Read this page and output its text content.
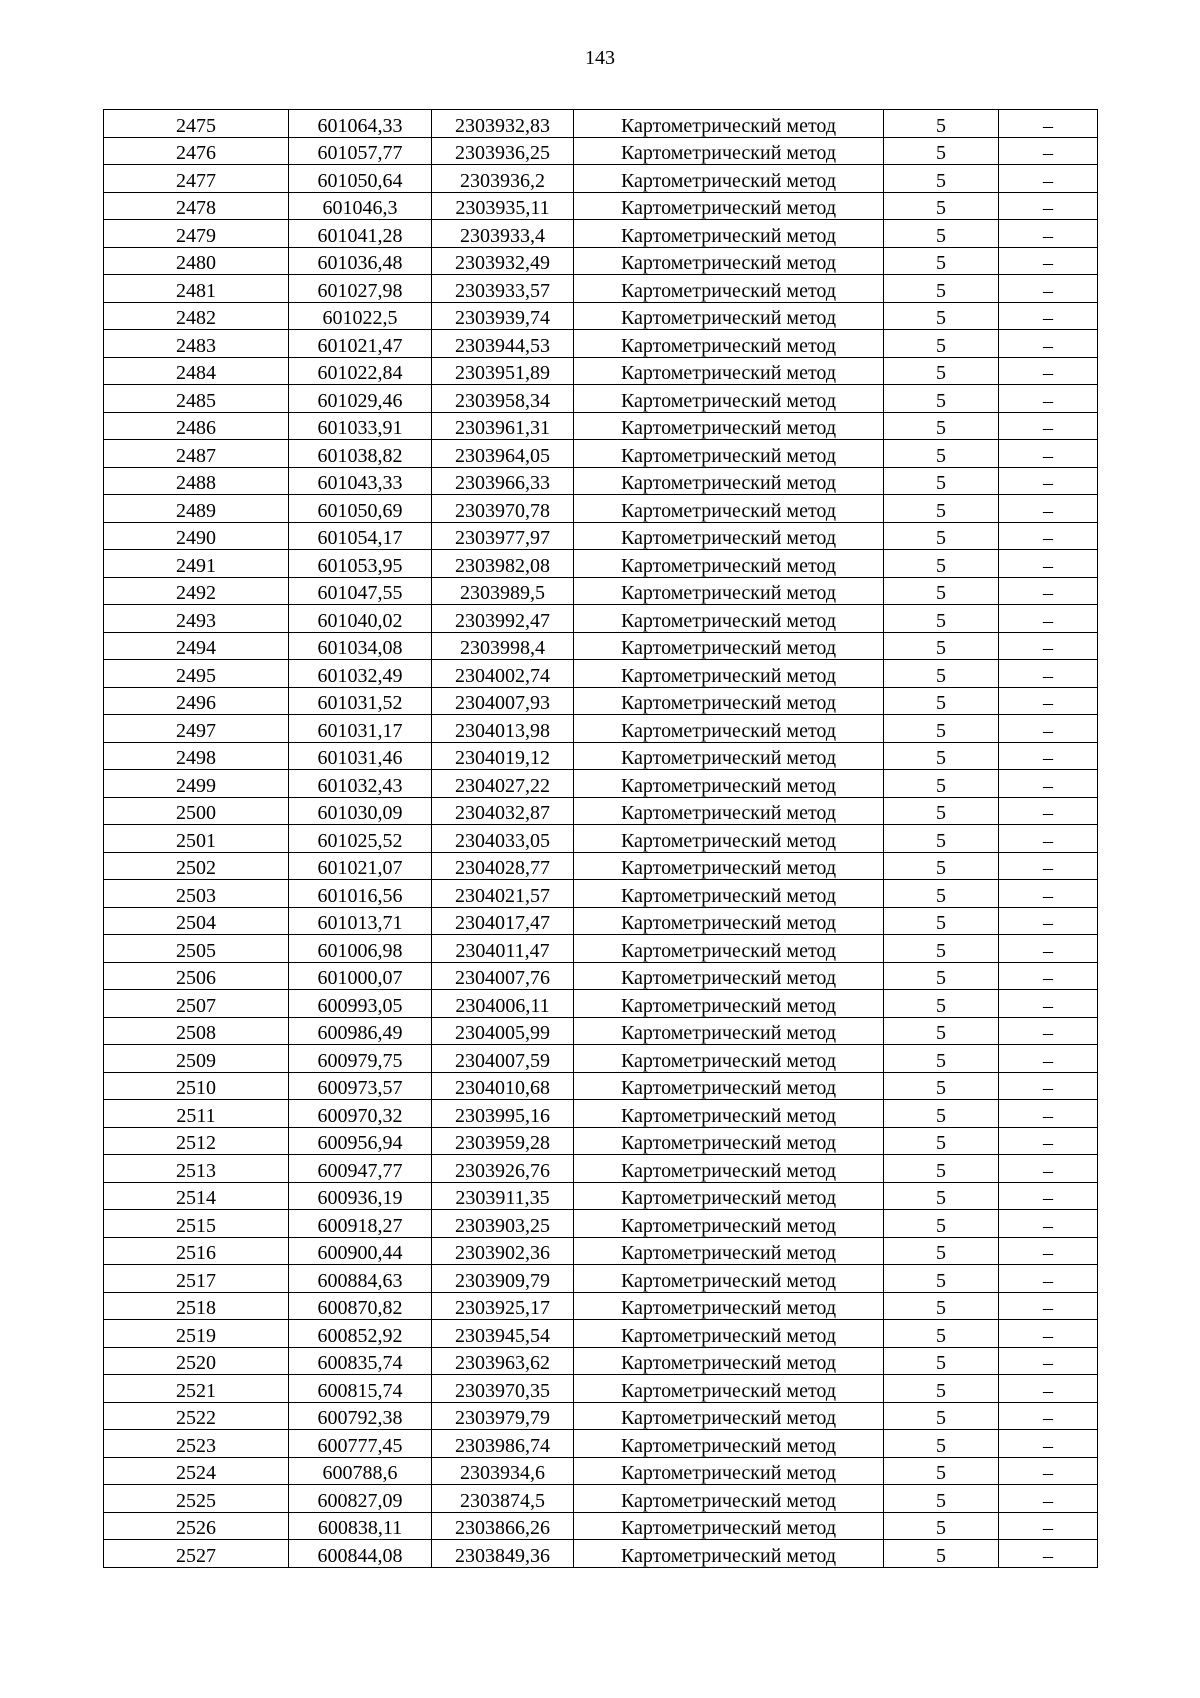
143
2475	601064,33	2303932,83	Картометрический метод	5	–
2476	601057,77	2303936,25	Картометрический метод	5	–
2477	601050,64	2303936,2	Картометрический метод	5	–
2478	601046,3	2303935,11	Картометрический метод	5	–
2479	601041,28	2303933,4	Картометрический метод	5	–
2480	601036,48	2303932,49	Картометрический метод	5	–
2481	601027,98	2303933,57	Картометрический метод	5	–
2482	601022,5	2303939,74	Картометрический метод	5	–
2483	601021,47	2303944,53	Картометрический метод	5	–
2484	601022,84	2303951,89	Картометрический метод	5	–
2485	601029,46	2303958,34	Картометрический метод	5	–
2486	601033,91	2303961,31	Картометрический метод	5	–
2487	601038,82	2303964,05	Картометрический метод	5	–
2488	601043,33	2303966,33	Картометрический метод	5	–
2489	601050,69	2303970,78	Картометрический метод	5	–
2490	601054,17	2303977,97	Картометрический метод	5	–
2491	601053,95	2303982,08	Картометрический метод	5	–
2492	601047,55	2303989,5	Картометрический метод	5	–
2493	601040,02	2303992,47	Картометрический метод	5	–
2494	601034,08	2303998,4	Картометрический метод	5	–
2495	601032,49	2304002,74	Картометрический метод	5	–
2496	601031,52	2304007,93	Картометрический метод	5	–
2497	601031,17	2304013,98	Картометрический метод	5	–
2498	601031,46	2304019,12	Картометрический метод	5	–
2499	601032,43	2304027,22	Картометрический метод	5	–
2500	601030,09	2304032,87	Картометрический метод	5	–
2501	601025,52	2304033,05	Картометрический метод	5	–
2502	601021,07	2304028,77	Картометрический метод	5	–
2503	601016,56	2304021,57	Картометрический метод	5	–
2504	601013,71	2304017,47	Картометрический метод	5	–
2505	601006,98	2304011,47	Картометрический метод	5	–
2506	601000,07	2304007,76	Картометрический метод	5	–
2507	600993,05	2304006,11	Картометрический метод	5	–
2508	600986,49	2304005,99	Картометрический метод	5	–
2509	600979,75	2304007,59	Картометрический метод	5	–
2510	600973,57	2304010,68	Картометрический метод	5	–
2511	600970,32	2303995,16	Картометрический метод	5	–
2512	600956,94	2303959,28	Картометрический метод	5	–
2513	600947,77	2303926,76	Картометрический метод	5	–
2514	600936,19	2303911,35	Картометрический метод	5	–
2515	600918,27	2303903,25	Картометрический метод	5	–
2516	600900,44	2303902,36	Картометрический метод	5	–
2517	600884,63	2303909,79	Картометрический метод	5	–
2518	600870,82	2303925,17	Картометрический метод	5	–
2519	600852,92	2303945,54	Картометрический метод	5	–
2520	600835,74	2303963,62	Картометрический метод	5	–
2521	600815,74	2303970,35	Картометрический метод	5	–
2522	600792,38	2303979,79	Картометрический метод	5	–
2523	600777,45	2303986,74	Картометрический метод	5	–
2524	600788,6	2303934,6	Картометрический метод	5	–
2525	600827,09	2303874,5	Картометрический метод	5	–
2526	600838,11	2303866,26	Картометрический метод	5	–
2527	600844,08	2303849,36	Картометрический метод	5	–
